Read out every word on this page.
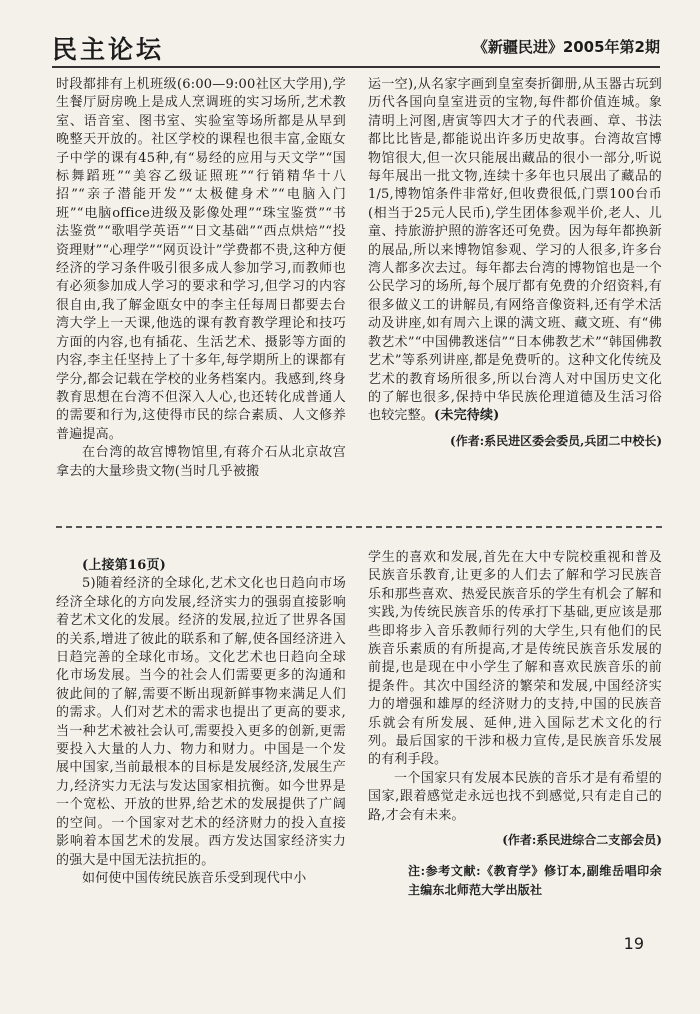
民主论坛	《新疆民进》2005年第2期

时段都排有上机班级(6:00—9:00社区大学用),学生餐厅厨房晚上是成人烹调班的实习场所,艺术教室、语音室、图书室、实验室等场所都是从早到晚整天开放的。社区学校的课程也很丰富,金瓯女子中学的课有45种,有“易经的应用与天文学”“国标舞蹈班”“美容乙级证照班”“行销精华十八招”“亲子潜能开发”“太极健身术”“电脑入门班”“电脑office进级及影像处理”“珠宝鉴赏”“书法鉴赏”“歌唱学英语”“日文基础”“西点烘焙”“投资理财”“心理学”“网页设计”学费都不贵,这种方便经济的学习条件吸引很多成人参加学习,而教师也有必须参加成人学习的要求和学习,但学习的内容很自由,我了解金瓯女中的李主任每周日都要去台湾大学上一天课,他选的课有教育教学理论和技巧方面的内容,也有插花、生活艺术、摄影等方面的内容,李主任坚持上了十多年,每学期所上的课都有学分,都会记载在学校的业务档案内。我感到,终身教育思想在台湾不但深入人心,也还转化成普通人的需要和行为,这使得市民的综合素质、人文修养普遍提高。

在台湾的故宫博物馆里,有蒋介石从北京故宫拿去的大量珍贵文物(当时几乎被搬

运一空),从名家字画到皇室奏折御册,从玉器古玩到历代各国向皇室进贡的宝物,每件都价值连城。象清明上河图,唐寅等四大才子的代表画、章、书法都比比皆是,都能说出许多历史故事。台湾故宫博物馆很大,但一次只能展出藏品的很小一部分,听说每年展出一批文物,连续十多年也只展出了藏品的1/5,博物馆条件非常好,但收费很低,门票100台币(相当于25元人民币),学生团体参观半价,老人、儿童、持旅游护照的游客还可免费。因为每年都换新的展品,所以来博物馆参观、学习的人很多,许多台湾人都多次去过。每年都去台湾的博物馆也是一个公民学习的场所,每个展厅都有免费的介绍资料,有很多做义工的讲解员,有网络音像资料,还有学术活动及讲座,如有周六上课的满文班、藏文班、有“佛教艺术”“中国佛教迷信”“日本佛教艺术”“韩国佛教艺术”等系列讲座,都是免费听的。这种文化传统及艺术的教育场所很多,所以台湾人对中国历史文化的了解也很多,保持中华民族伦理道德及生活习俗也较完整。(未完待续)

(作者:系民进区委会委员,兵团二中校长)

(上接第16页)

5)随着经济的全球化,艺术文化也日趋向市场经济全球化的方向发展,经济实力的强弱直接影响着艺术文化的发展。经济的发展,拉近了世界各国的关系,增进了彼此的联系和了解,使各国经济进入日趋完善的全球化市场。文化艺术也日趋向全球化市场发展。当今的社会人们需要更多的沟通和彼此间的了解,需要不断出现新鲜事物来满足人们的需求。人们对艺术的需求也提出了更高的要求,当一种艺术被社会认可,需要投入更多的创新,更需要投入大量的人力、物力和财力。中国是一个发展中国家,当前最根本的目标是发展经济,发展生产力,经济实力无法与发达国家相抗衡。如今世界是一个宽松、开放的世界,给艺术的发展提供了广阔的空间。一个国家对艺术的经济财力的投入直接影响着本国艺术的发展。西方发达国家经济实力的强大是中国无法抗拒的。

如何使中国传统民族音乐受到现代中小

学生的喜欢和发展,首先在大中专院校重视和普及民族音乐教育,让更多的人们去了解和学习民族音乐和那些喜欢、热爱民族音乐的学生有机会了解和实践,为传统民族音乐的传承打下基础,更应该是那些即将步入音乐教师行列的大学生,只有他们的民族音乐素质的有所提高,才是传统民族音乐发展的前提,也是现在中小学生了解和喜欢民族音乐的前提条件。其次中国经济的繁荣和发展,中国经济实力的增强和雄厚的经济财力的支持,中国的民族音乐就会有所发展、延伸,进入国际艺术文化的行列。最后国家的干涉和极力宣传,是民族音乐发展的有利手段。

一个国家只有发展本民族的音乐才是有希望的国家,跟着感觉走永远也找不到感觉,只有走自己的路,才会有未来。

(作者:系民进综合二支部会员)

注:参考文献:《教育学》修订本,副维岳唱印余主编东北师范大学出版社

19
